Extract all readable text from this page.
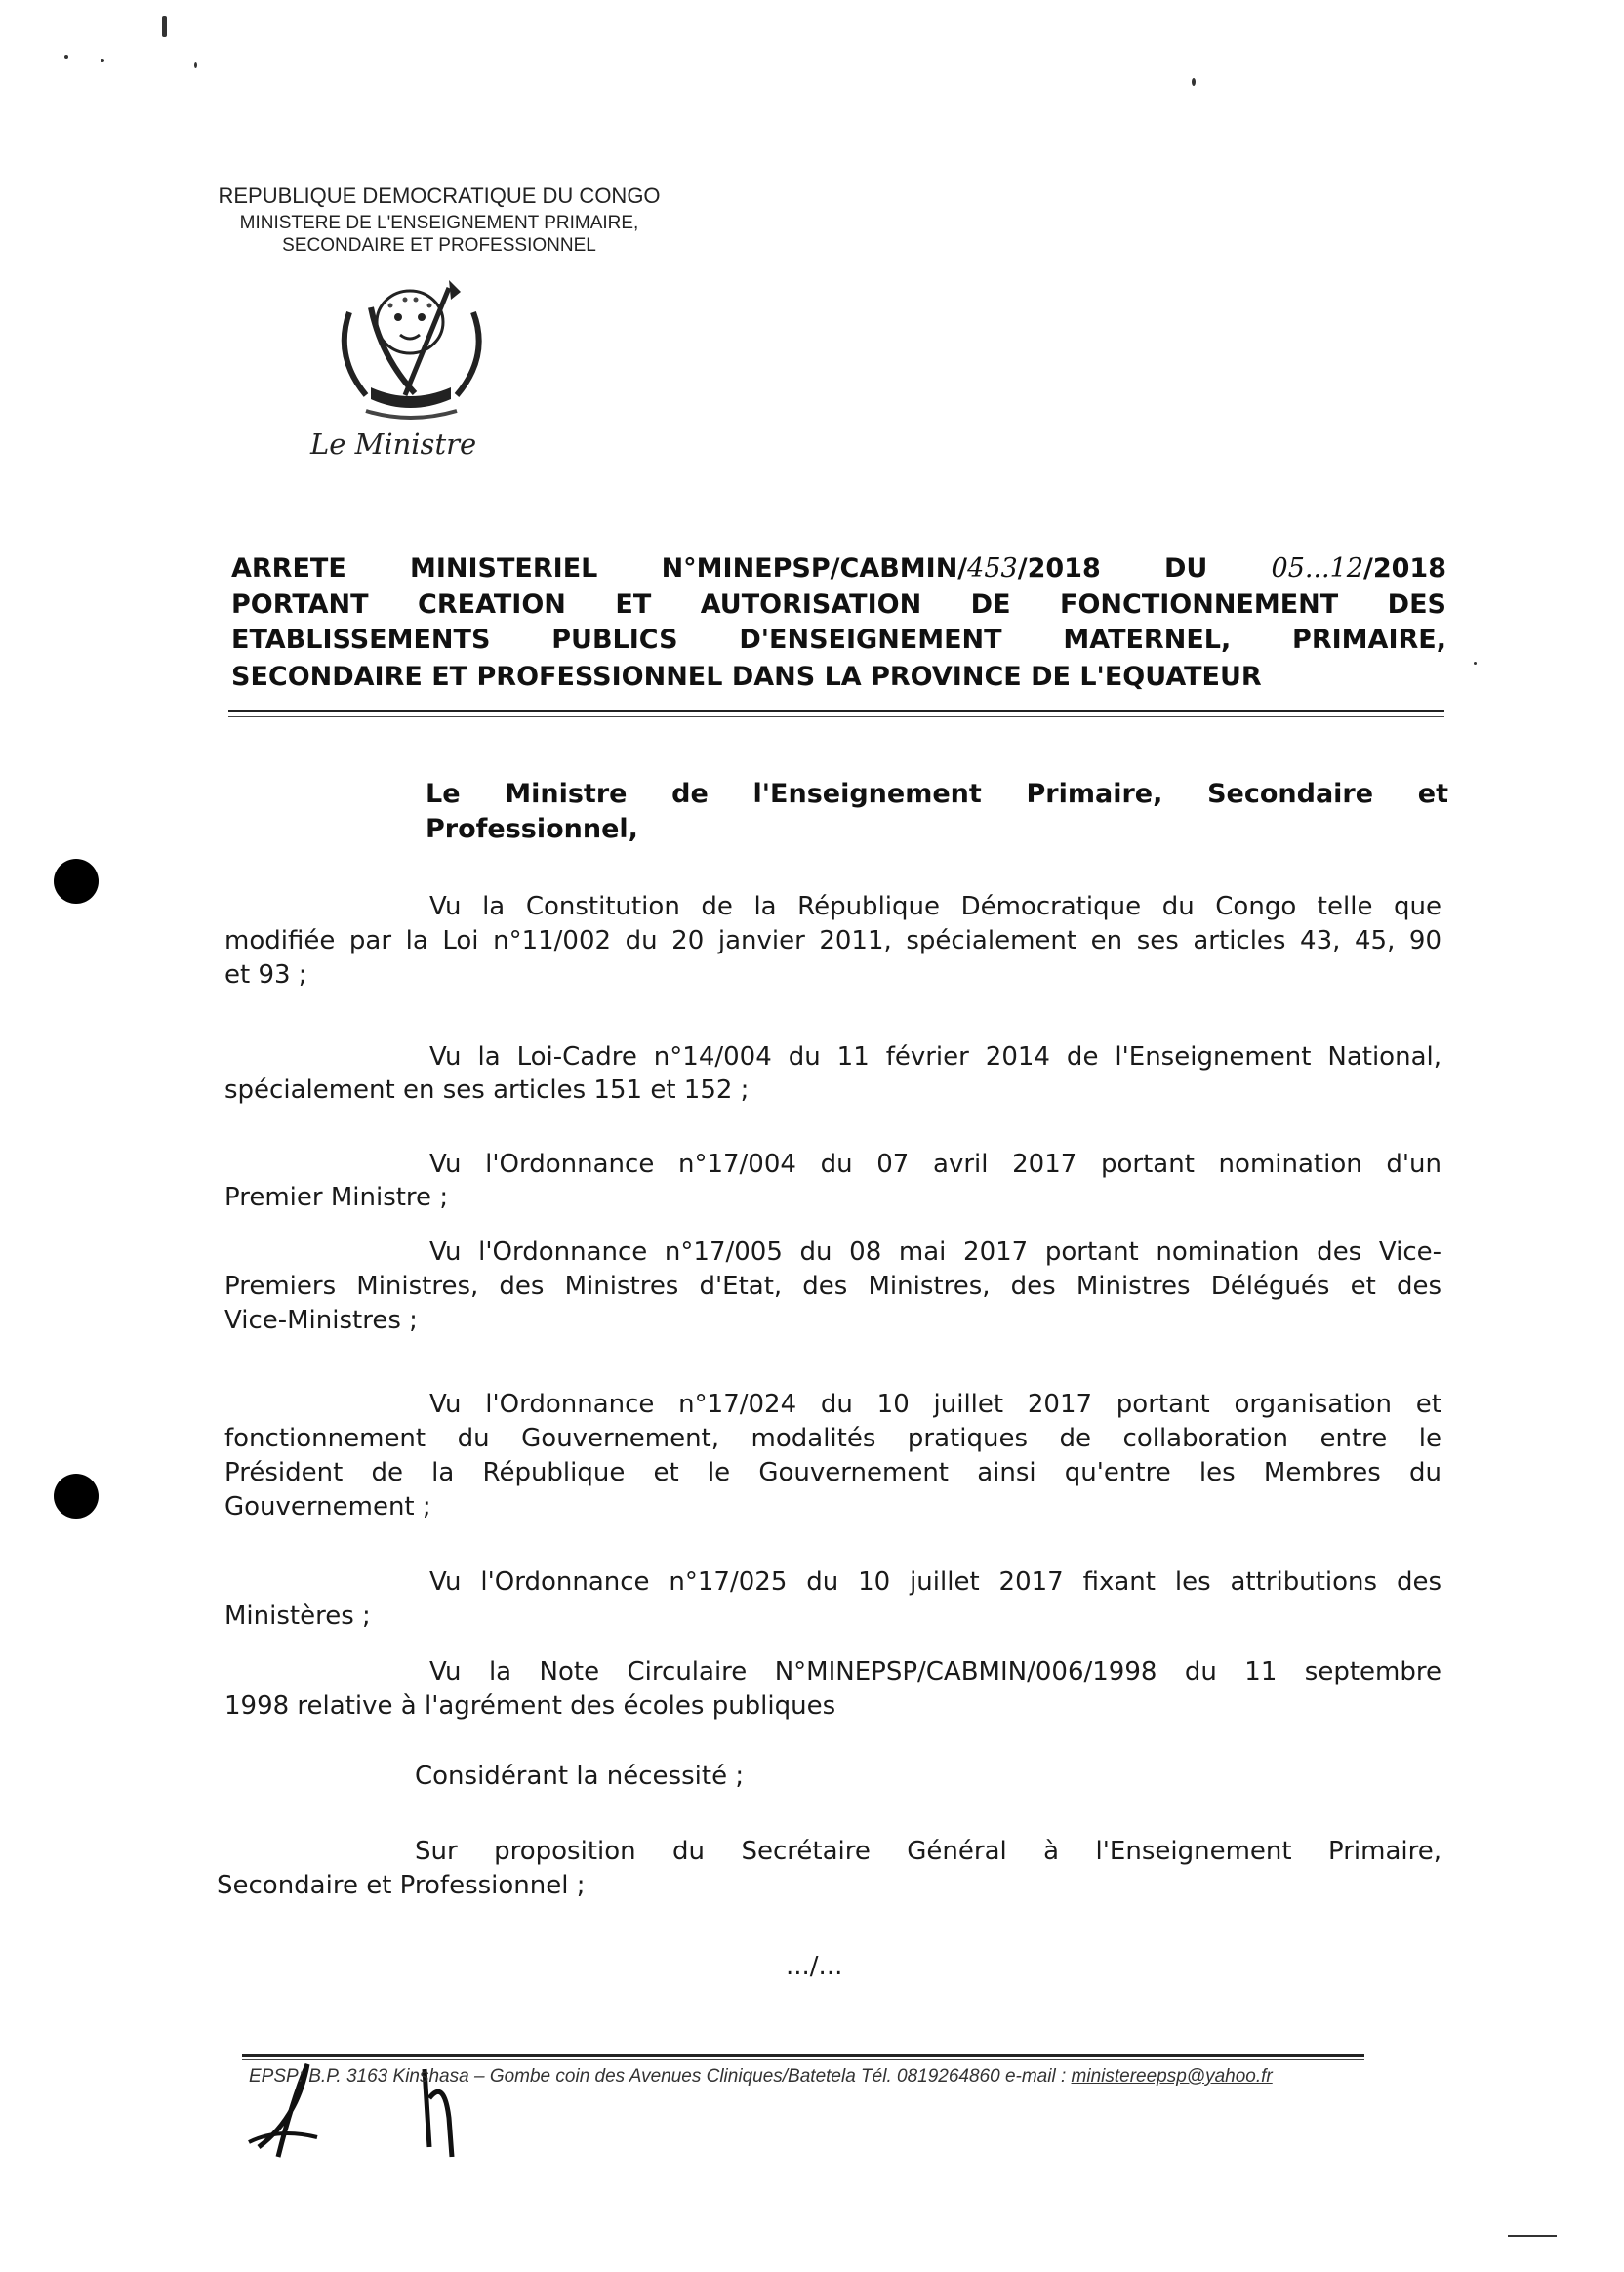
REPUBLIQUE DEMOCRATIQUE DU CONGO
MINISTERE DE L'ENSEIGNEMENT PRIMAIRE,
SECONDAIRE ET PROFESSIONNEL
Le Ministre
ARRETE MINISTERIEL N°MINEPSP/CABMIN/453/2018 DU 05...12/2018
PORTANT CREATION ET AUTORISATION DE FONCTIONNEMENT DES
ETABLISSEMENTS PUBLICS D'ENSEIGNEMENT MATERNEL, PRIMAIRE,
SECONDAIRE ET PROFESSIONNEL DANS LA PROVINCE DE L'EQUATEUR
Le Ministre de l'Enseignement Primaire, Secondaire et
Professionnel,
Vu la Constitution de la République Démocratique du Congo telle que
modifiée par la Loi n°11/002 du 20 janvier 2011, spécialement en ses articles 43, 45, 90
et 93 ;
Vu la Loi-Cadre n°14/004 du 11 février 2014 de l'Enseignement National,
spécialement en ses articles 151 et 152 ;
Vu l'Ordonnance n°17/004 du 07 avril 2017 portant nomination d'un
Premier Ministre ;
Vu l'Ordonnance n°17/005 du 08 mai 2017 portant nomination des Vice-
Premiers Ministres, des Ministres d'Etat, des Ministres, des Ministres Délégués et des
Vice-Ministres ;
Vu l'Ordonnance n°17/024 du 10 juillet 2017 portant organisation et
fonctionnement du Gouvernement, modalités pratiques de collaboration entre le
Président de la République et le Gouvernement ainsi qu'entre les Membres du
Gouvernement ;
Vu l'Ordonnance n°17/025 du 10 juillet 2017 fixant les attributions des
Ministères ;
Vu la Note Circulaire N°MINEPSP/CABMIN/006/1998 du 11 septembre
1998 relative à l'agrément des écoles publiques
Considérant la nécessité ;
Sur proposition du Secrétaire Général à l'Enseignement Primaire,
Secondaire et Professionnel ;
.../...
EPSP: B.P. 3163 Kinshasa – Gombe coin des Avenues Cliniques/Batetela Tél. 0819264860 e-mail : ministereepsp@yahoo.fr
